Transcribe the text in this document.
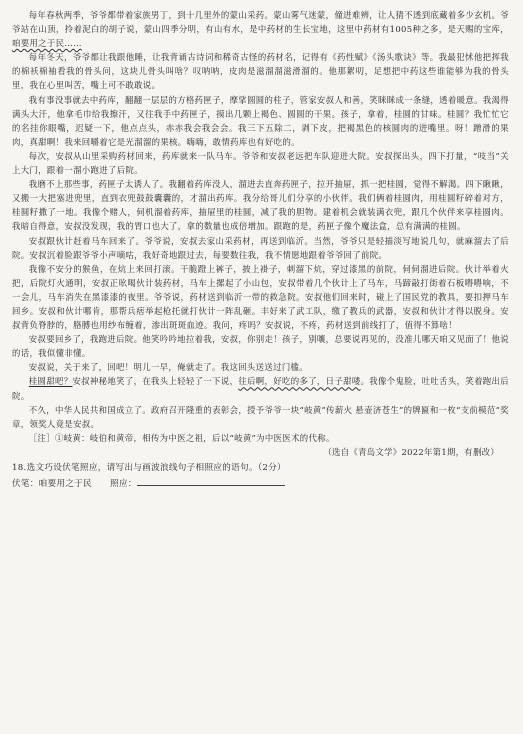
每年春秋两季，爷爷都带着家族男丁，到十几里外的蒙山采药。蒙山雾气迷蒙，僮进难辨，让人猜不透到底藏着多少玄机。爷爷站在山顶，拎着泥白的胡子说，蒙山四季分明，有山有水，是中药材的生长宝地，这里中药材有1005种之多，是天赐的宝库，咱要用之于民……

每年冬天，爷爷都让我跟他睡，让我背诵古诗词和稀奇古怪的药材名，记得有《药性赋》《汤头歌诀》等。我最犯怵他把挥我的棉袄棉袖看我的骨头问，这块儿骨头叫啥？叹呐呐，皮肉是滋溜溜滋滑溜的。他那絮叨，足想把中药这些谁能够为我的骨头里，我在心里叫苦，嘴上可不敢敢说。

我有事没事就去中药库，翻翻一层层的方格药匣子，摩挲圆圆的柱子，管家安叔人和善，笑眯眯成一条缝，透着暖意。我渴得满头大汗，他拿毛巾给我擦汗，又往我手中药匣子，摸出几颗上褐色、圆圆的干果。孩子，拿着，桂圆的甘味。桂圆？我忙忙它的名挂你眼嘴，迟疑一下，他点点头，赤赤我会我会会。我三下五除二，剥下皮，把褐黑色的核圆肉的进嘴里。呀！蹭滑的果肉，真甜啊！我来回嚼着它是光溜溜的果核。嗨嗨，敢情药库也有好吃的。

每次，安叔从山里采购药材回来，药库就来一队马车。爷爷和安叔老远把车队迎进大院。安叔探出头，四下打量，“吱当”关上大门，跟着一溜小跑进了后院。

我磨不上那些事，药匣子太诱人了。我翻着药库没人，溜进去直奔药匣子，拉开抽屉，抓一把桂圆，觉得不解渴。四下瞅瞅，又搬一大把塞进兜里，直到衣兜鼓鼓囊囊的，才溜出药库。我分给哥儿们分享的小伙伴。我们俩着桂圆肉，用桂圆籽碎着对方，桂圆籽撒了一地。我像个赌人，伺机溜着药库，抽屉里的桂圆，减了我的胆物。建着机会就装满衣兜，跟几个伙伴来享桂圆肉。我暗自得意，安叔没发现，我的胃口也大了，拿的数量也成倍增加。跟跑的是，药匣子像个魔法盒，总有满满的桂圆。

安叔跟伙计赶着马车回来了。爷爷说，安叔去家山采药材，再送到临沂。当然，爷爷只是轻描淡写地说几句，就麻溜去了后院。安叔沉着脸跟爷爷小声嘀咕，我好奇地跟过去，每要数往我，我不情愿地跟着爷爷回了前院。

我像不安分的猴鱼，在炕上来回打滚。干脆蹬上裤子，披上褂子，刺溜下炕，穿过漆黑的前院，伺伺溜进后院。伙计举着火把，后院灯火通明，安叔正吆喝伙计装药材，马车上摞起了小山包，安叔带着几个伙计上了马车，马蹄敲打街着石板嘚嘚响，不一会儿，马车消失在黑漆漆的夜里。爷爷说，药材送到临沂一带的救急院。安叔他们回来时，碰上了国民党的教具，要扣押马车回乡。安叔和伙计哪肯，那帮兵痞举起枪托就打伙计一阵乱砸。丰好来了武工队，缴了教兵的武器，安叔和伙计才得以脱身。安叔背负脊脖的，胳膊也用纱布缠着，渗出斑斑血迹。我问，疼吗？安叔说，不疼，药材送到前线打了，值得不算啥！

安叔要回乡了，我跑进后院。他笑吟吟地拉着我，安叔，你别走！孩子，别嚷，总要说再见的，没准儿哪天咱又见面了！他说的话，我似懂非懂。

安叔说，关于来了，回吧！明儿一早，俺就走了。我这回头送送过门槛。

桂圆甜吧？安叔神秘地笑了，在我头上轻轻了一下说，往后啊，好吃的多了，日子甜喽。我像个鬼脸，吐吐舌头，笑着跑出后院。

不久，中华人民共和国成立了。政府召开隆重的表彰会，授予爷爷一块“岐黄”传薪火 悬壶济苍生”的牌匾和一枚“支前模范”奖章，领奖人竟是安叔。

［注］①岐黄：岐伯和黄帝，相传为中医之祖，后以“岐黄”为中医医术的代称。

（选自《青岛文学》2022年第1期，有删改）

18.选文巧设伏笔照应，请写出与画波浪线句子相照应的语句。（2分）

伏笔：咱要用之于民 照应：
